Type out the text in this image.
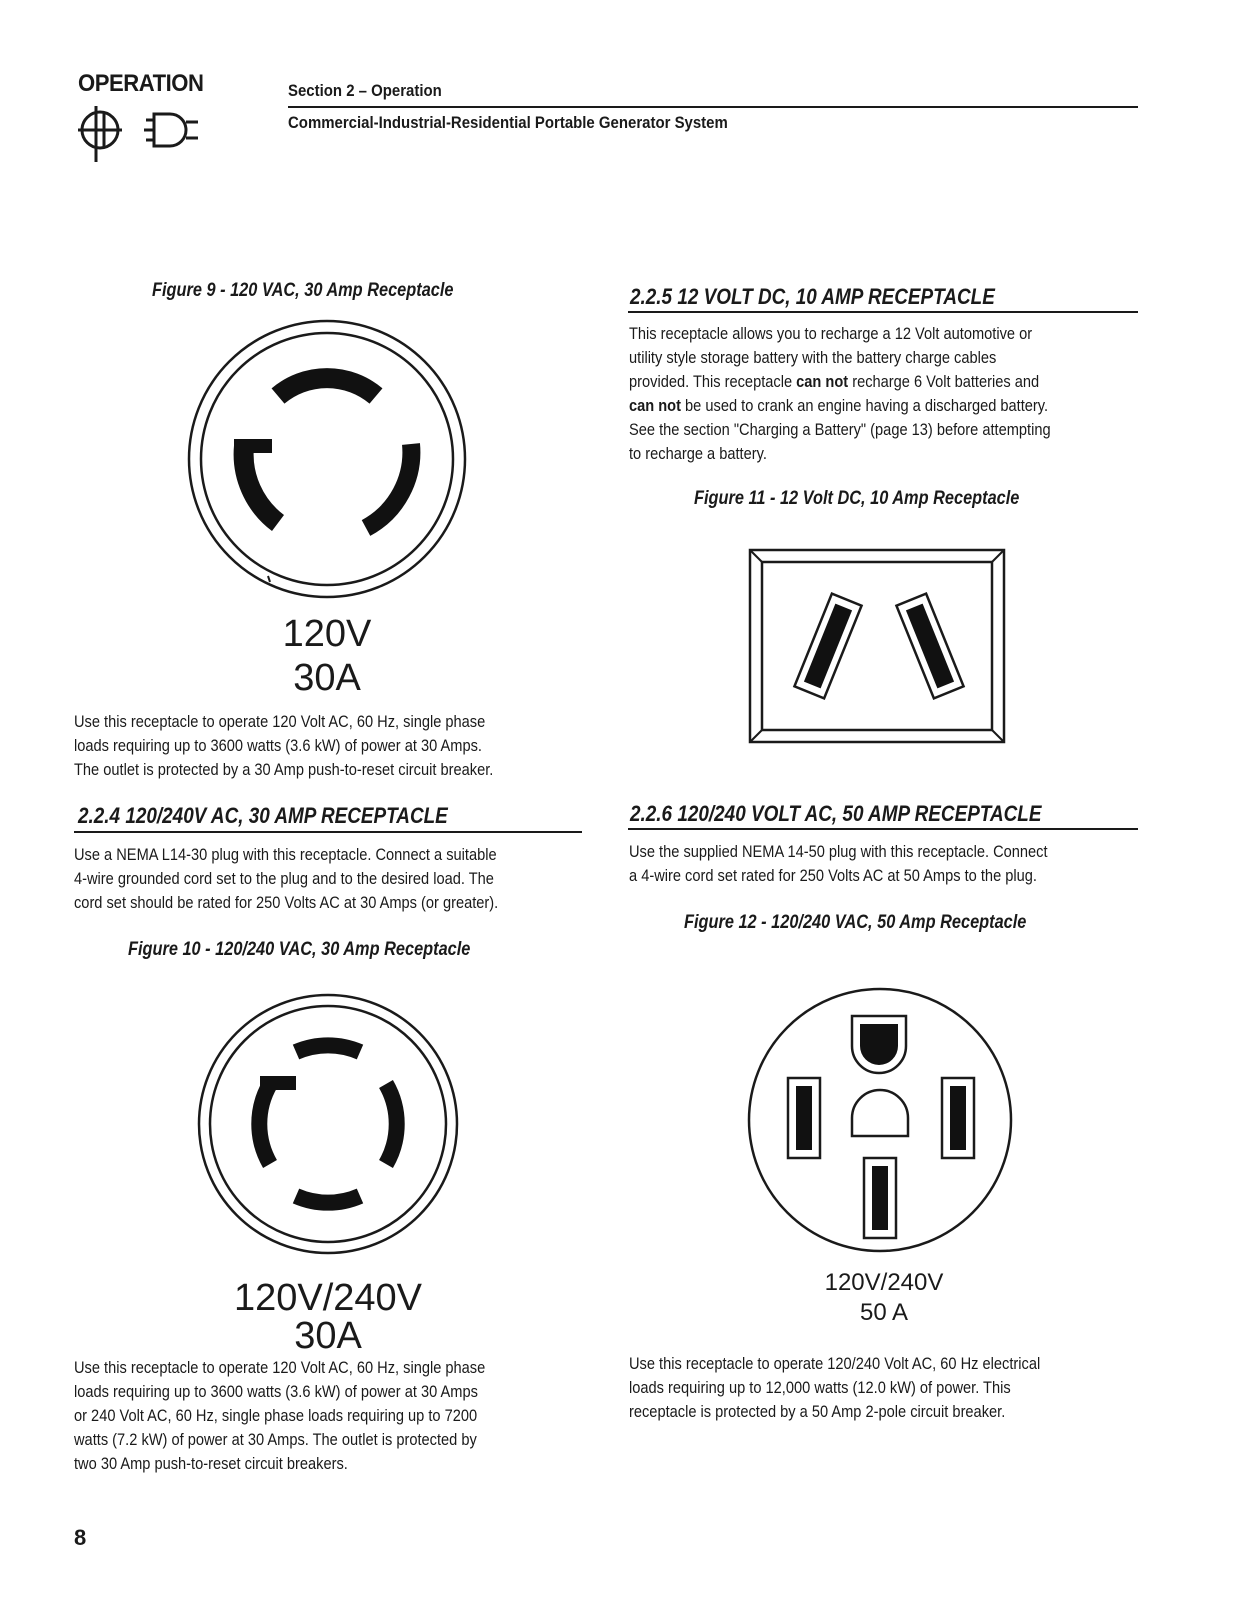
OPERATION	Section 2 – Operation
Commercial-Industrial-Residential Portable Generator System
Figure 9 - 120 VAC, 30 Amp Receptacle
120V
30A
Use this receptacle to operate 120 Volt AC, 60 Hz, single phase
loads requiring up to 3600 watts (3.6 kW) of power at 30 Amps.
The outlet is protected by a 30 Amp push-to-reset circuit breaker.
2.2.4 120/240V AC, 30 AMP RECEPTACLE
Use a NEMA L14-30 plug with this receptacle. Connect a suitable
4-wire grounded cord set to the plug and to the desired load. The
cord set should be rated for 250 Volts AC at 30 Amps (or greater).
Figure 10 - 120/240 VAC, 30 Amp Receptacle
120V/240V
30A
Use this receptacle to operate 120 Volt AC, 60 Hz, single phase
loads requiring up to 3600 watts (3.6 kW) of power at 30 Amps
or 240 Volt AC, 60 Hz, single phase loads requiring up to 7200
watts (7.2 kW) of power at 30 Amps. The outlet is protected by
two 30 Amp push-to-reset circuit breakers.
2.2.5 12 VOLT DC, 10 AMP RECEPTACLE
This receptacle allows you to recharge a 12 Volt automotive or
utility style storage battery with the battery charge cables
provided. This receptacle can not recharge 6 Volt batteries and
can not be used to crank an engine having a discharged battery.
See the section "Charging a Battery" (page 13) before attempting
to recharge a battery.
Figure 11 - 12 Volt DC, 10 Amp Receptacle
2.2.6 120/240 VOLT AC, 50 AMP RECEPTACLE
Use the supplied NEMA 14-50 plug with this receptacle. Connect
a 4-wire cord set rated for 250 Volts AC at 50 Amps to the plug.
Figure 12 - 120/240 VAC, 50 Amp Receptacle
120V/240V
50 A
Use this receptacle to operate 120/240 Volt AC, 60 Hz electrical
loads requiring up to 12,000 watts (12.0 kW) of power. This
receptacle is protected by a 50 Amp 2-pole circuit breaker.
8
